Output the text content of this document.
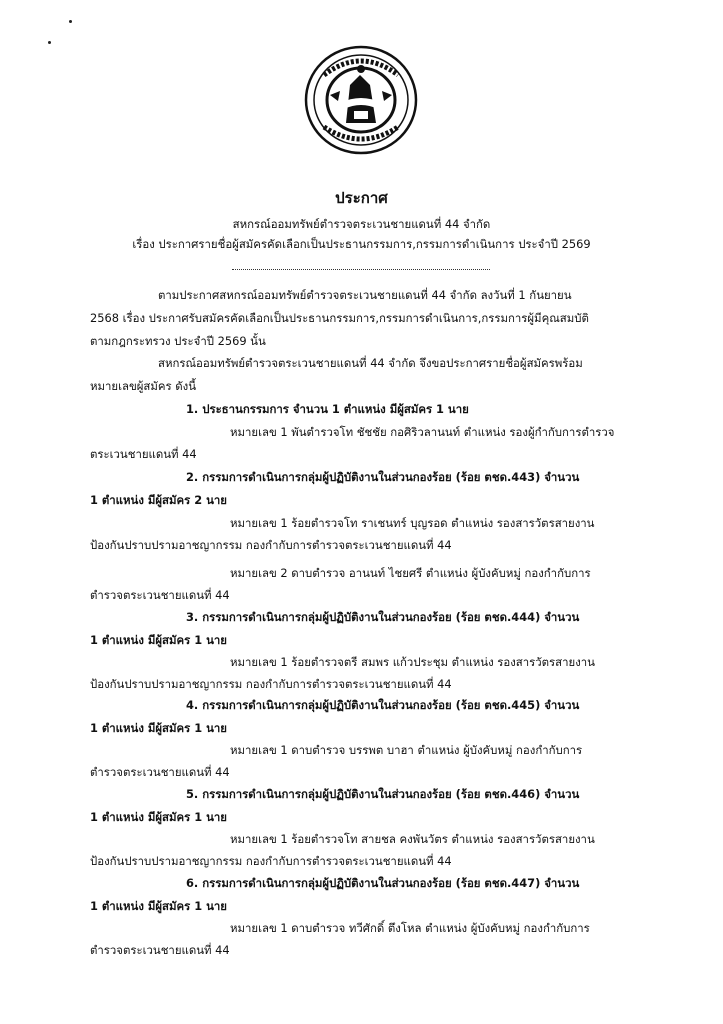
ประกาศ
สหกรณ์ออมทรัพย์ตำรวจตระเวนชายแดนที่ 44 จำกัด
เรื่อง ประกาศรายชื่อผู้สมัครคัดเลือกเป็นประธานกรรมการ,กรรมการดำเนินการ ประจำปี 2569
ตามประกาศสหกรณ์ออมทรัพย์ตำรวจตระเวนชายแดนที่ 44 จำกัด ลงวันที่ 1 กันยายน
2568 เรื่อง ประกาศรับสมัครคัดเลือกเป็นประธานกรรมการ,กรรมการดำเนินการ,กรรมการผู้มีคุณสมบัติ
ตามกฎกระทรวง ประจำปี 2569 นั้น
สหกรณ์ออมทรัพย์ตำรวจตระเวนชายแดนที่ 44 จำกัด จึงขอประกาศรายชื่อผู้สมัครพร้อม
หมายเลขผู้สมัคร ดังนี้
1. ประธานกรรมการ จำนวน 1 ตำแหน่ง มีผู้สมัคร 1 นาย
หมายเลข 1 พันตำรวจโท ชัชชัย กอศิริวลานนท์ ตำแหน่ง รองผู้กำกับการตำรวจ
ตระเวนชายแดนที่ 44
2. กรรมการดำเนินการกลุ่มผู้ปฏิบัติงานในส่วนกองร้อย (ร้อย ตชด.443) จำนวน
1 ตำแหน่ง มีผู้สมัคร 2 นาย
หมายเลข 1 ร้อยตำรวจโท ราเชนทร์ บุญรอด ตำแหน่ง รองสารวัตรสายงาน
ป้องกันปราบปรามอาชญากรรม กองกำกับการตำรวจตระเวนชายแดนที่ 44
หมายเลข 2 ดาบตำรวจ อานนท์ ไชยศรี ตำแหน่ง ผู้บังคับหมู่ กองกำกับการ
ตำรวจตระเวนชายแดนที่ 44
3. กรรมการดำเนินการกลุ่มผู้ปฏิบัติงานในส่วนกองร้อย (ร้อย ตชด.444) จำนวน
1 ตำแหน่ง มีผู้สมัคร 1 นาย
หมายเลข 1 ร้อยตำรวจตรี สมพร แก้วประชุม ตำแหน่ง รองสารวัตรสายงาน
ป้องกันปราบปรามอาชญากรรม กองกำกับการตำรวจตระเวนชายแดนที่ 44
4. กรรมการดำเนินการกลุ่มผู้ปฏิบัติงานในส่วนกองร้อย (ร้อย ตชด.445) จำนวน
1 ตำแหน่ง มีผู้สมัคร 1 นาย
หมายเลข 1 ดาบตำรวจ บรรพต บาฮา ตำแหน่ง ผู้บังคับหมู่ กองกำกับการ
ตำรวจตระเวนชายแดนที่ 44
5. กรรมการดำเนินการกลุ่มผู้ปฏิบัติงานในส่วนกองร้อย (ร้อย ตชด.446) จำนวน
1 ตำแหน่ง มีผู้สมัคร 1 นาย
หมายเลข 1 ร้อยตำรวจโท สายชล คงพันวัตร ตำแหน่ง รองสารวัตรสายงาน
ป้องกันปราบปรามอาชญากรรม กองกำกับการตำรวจตระเวนชายแดนที่ 44
6. กรรมการดำเนินการกลุ่มผู้ปฏิบัติงานในส่วนกองร้อย (ร้อย ตชด.447) จำนวน
1 ตำแหน่ง มีผู้สมัคร 1 นาย
หมายเลข 1 ดาบตำรวจ ทวีศักดิ์ ตึงโหล ตำแหน่ง ผู้บังคับหมู่ กองกำกับการ
ตำรวจตระเวนชายแดนที่ 44
